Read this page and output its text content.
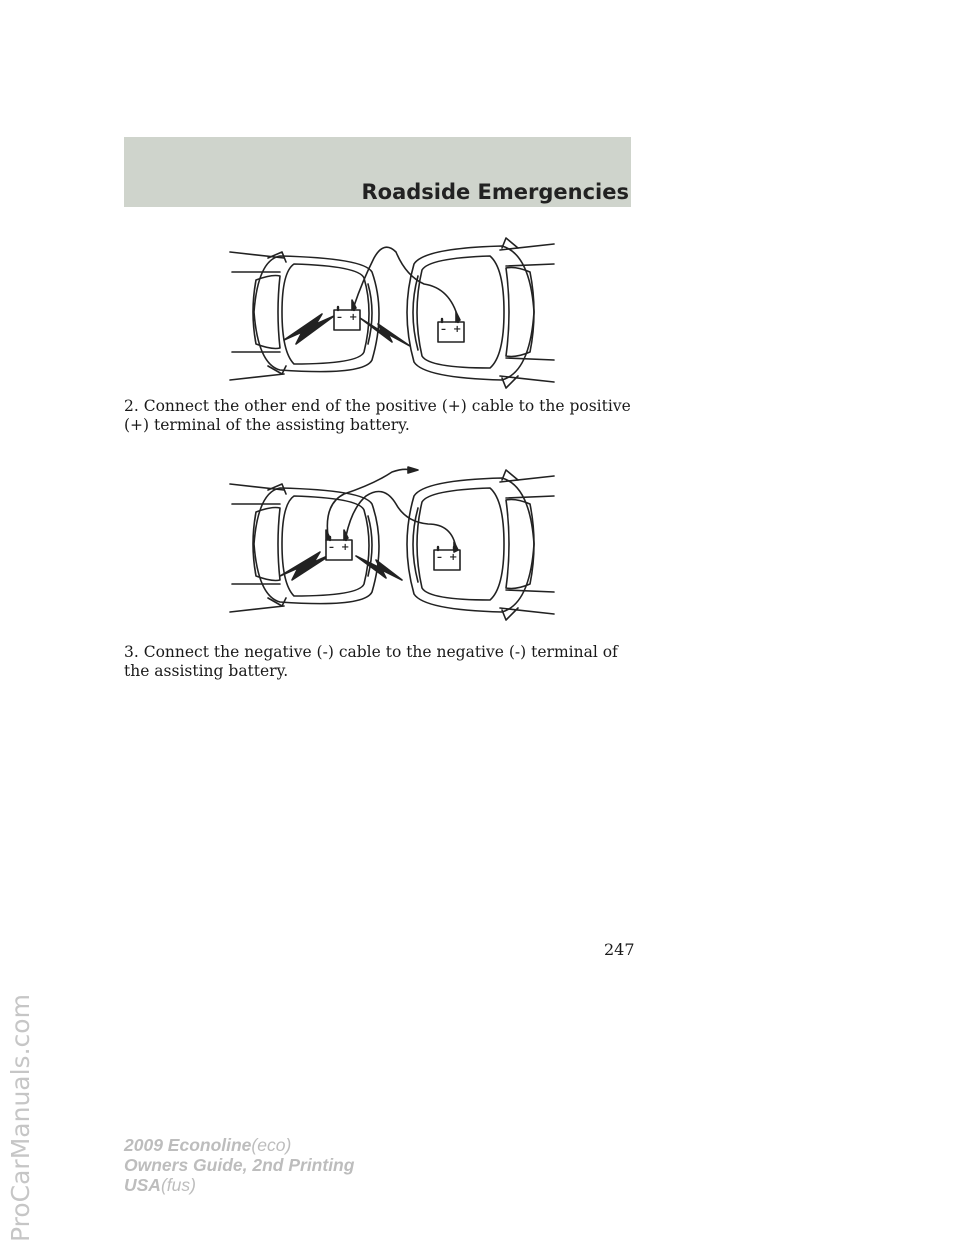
Roadside Emergencies
– +
– +

2. Connect the other end of the positive (+) cable to the positive (+) terminal of the assisting battery.

– +
– +

3. Connect the negative (-) cable to the negative (-) terminal of the assisting battery.

247
2009 Econoline(eco)
Owners Guide, 2nd Printing
USA(fus)
ProCarManuals.com
